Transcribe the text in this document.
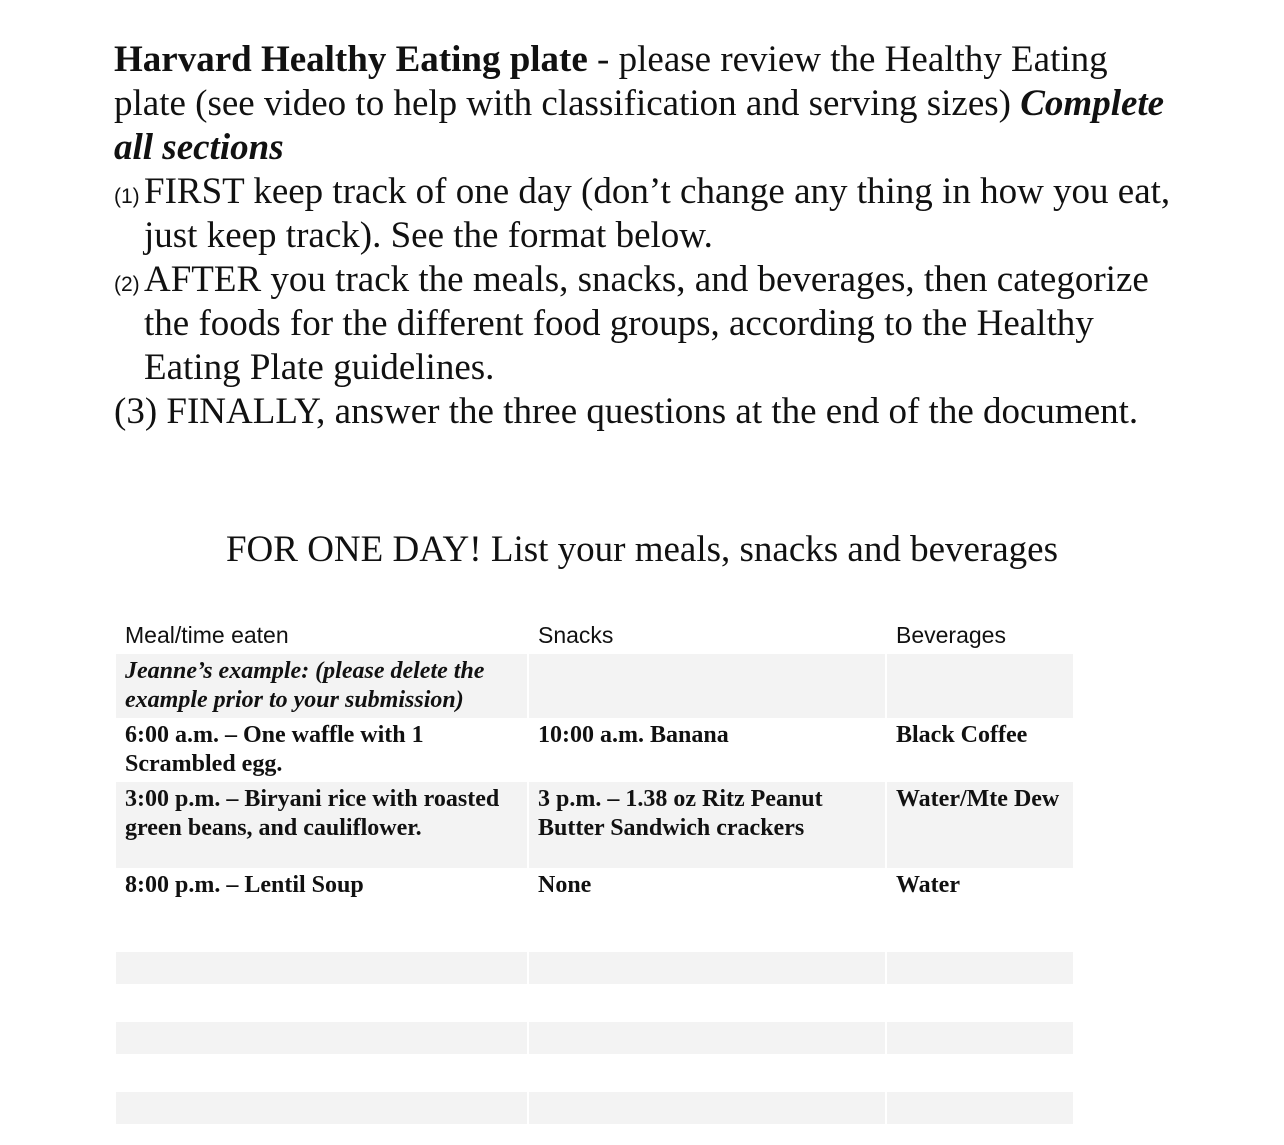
Harvard Healthy Eating plate - please review the Healthy Eating plate (see video to help with classification and serving sizes) Complete all sections

(1) FIRST keep track of one day (don’t change any thing in how you eat, just keep track). See the format below.
(2) AFTER you track the meals, snacks, and beverages, then categorize the foods for the different food groups, according to the Healthy Eating Plate guidelines.

(3) FINALLY, answer the three questions at the end of the document.

FOR ONE DAY! List your meals, snacks and beverages
Meal/time eaten	Snacks	Beverages
Jeanne’s example: (please delete the example prior to your submission)		
6:00 a.m. – One waffle with 1 Scrambled egg.	10:00 a.m. Banana	Black Coffee
3:00 p.m. – Biryani rice with roasted green beans, and cauliflower.	3 p.m. – 1.38 oz Ritz Peanut Butter Sandwich crackers	Water/Mte Dew
8:00 p.m. – Lentil Soup	None	Water
